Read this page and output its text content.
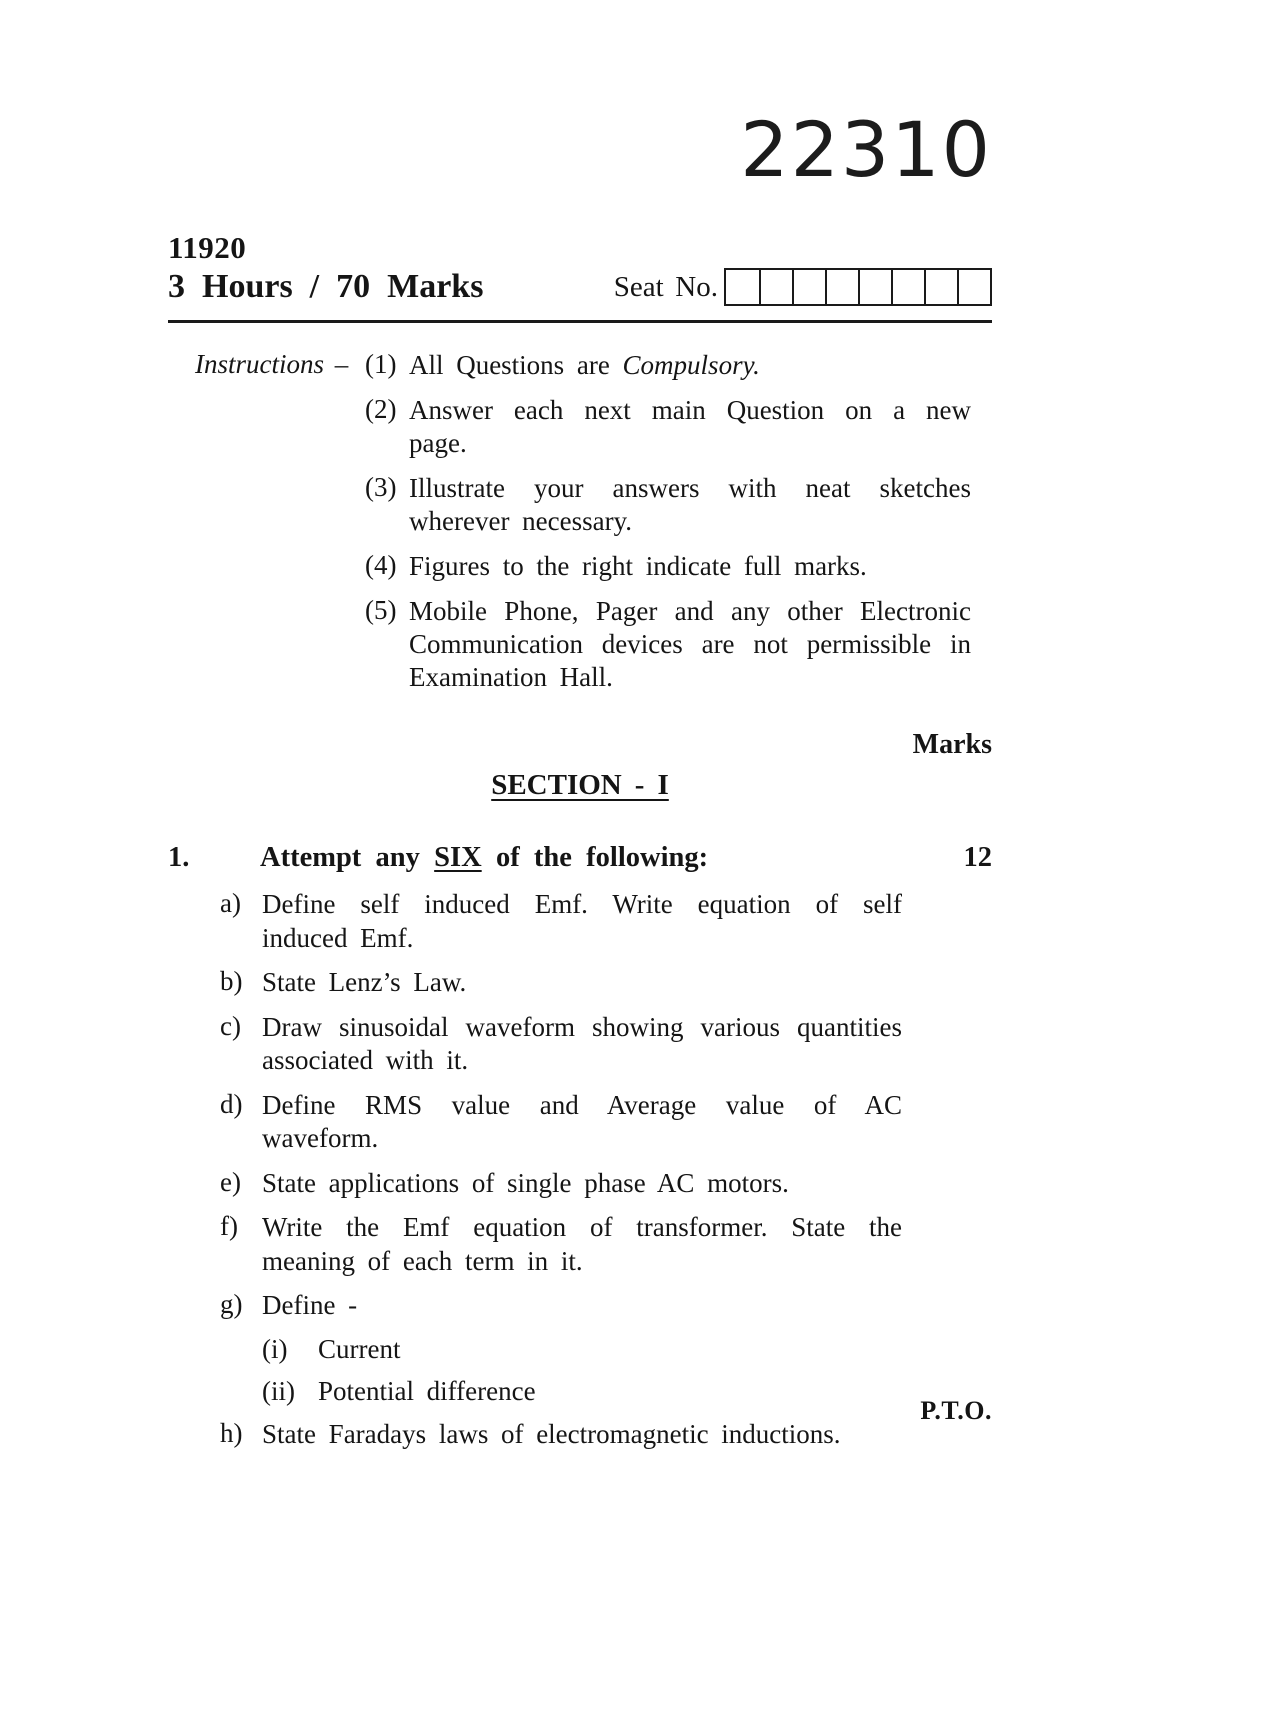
22310
11920
3 Hours / 70 Marks	Seat No.
Instructions – (1) All Questions are Compulsory.
(2) Answer each next main Question on a new page.
(3) Illustrate your answers with neat sketches wherever necessary.
(4) Figures to the right indicate full marks.
(5) Mobile Phone, Pager and any other Electronic Communication devices are not permissible in Examination Hall.
Marks
SECTION - I
1.	Attempt any SIX of the following:	12
a) Define self induced Emf. Write equation of self induced Emf.
b) State Lenz’s Law.
c) Draw sinusoidal waveform showing various quantities associated with it.
d) Define RMS value and Average value of AC waveform.
e) State applications of single phase AC motors.
f) Write the Emf equation of transformer. State the meaning of each term in it.
g) Define -
(i)	Current
(ii) Potential difference
h) State Faradays laws of electromagnetic inductions.
P.T.O.
